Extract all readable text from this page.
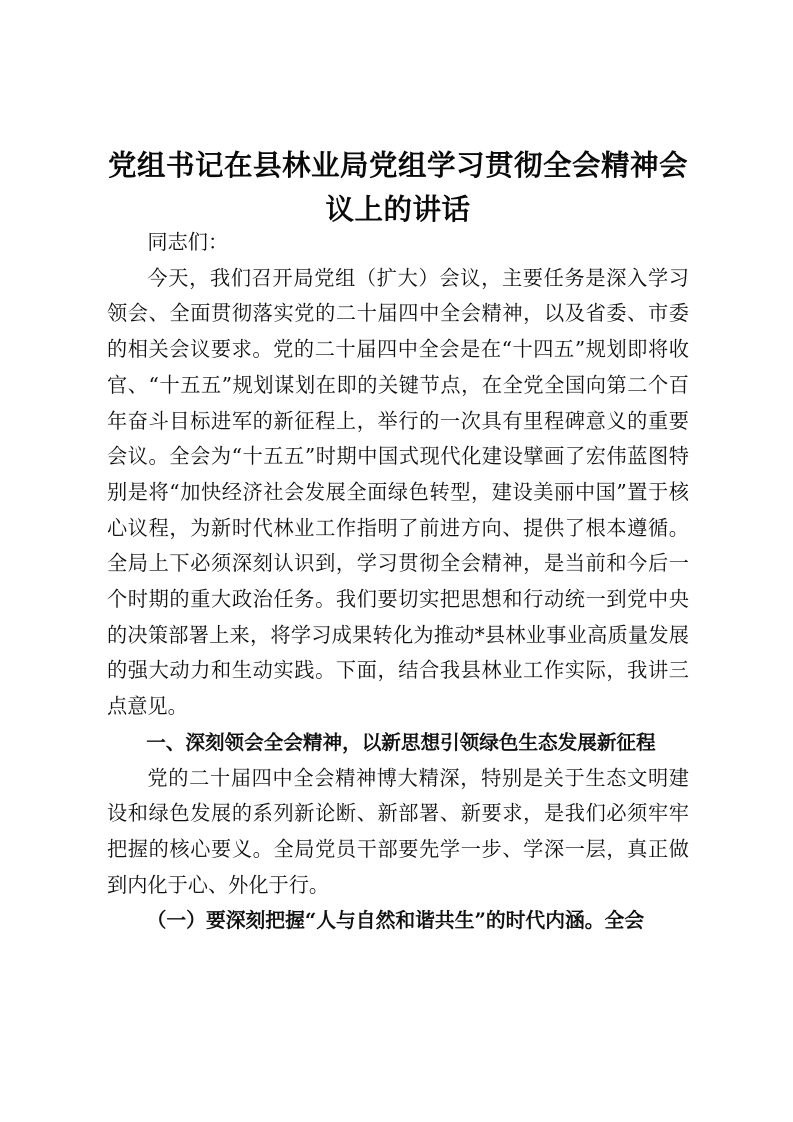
党组书记在县林业局党组学习贯彻全会精神会议上的讲话

同志们：

今天，我们召开局党组（扩大）会议，主要任务是深入学习领会、全面贯彻落实党的二十届四中全会精神，以及省委、市委的相关会议要求。党的二十届四中全会是在“十四五”规划即将收官、“十五五”规划谋划在即的关键节点，在全党全国向第二个百年奋斗目标进军的新征程上，举行的一次具有里程碑意义的重要会议。全会为“十五五”时期中国式现代化建设擘画了宏伟蓝图特别是将“加快经济社会发展全面绿色转型，建设美丽中国”置于核心议程，为新时代林业工作指明了前进方向、提供了根本遵循。全局上下必须深刻认识到，学习贯彻全会精神，是当前和今后一个时期的重大政治任务。我们要切实把思想和行动统一到党中央的决策部署上来，将学习成果转化为推动*县林业事业高质量发展的强大动力和生动实践。下面，结合我县林业工作实际，我讲三点意见。

一、深刻领会全会精神，以新思想引领绿色生态发展新征程

党的二十届四中全会精神博大精深，特别是关于生态文明建设和绿色发展的系列新论断、新部署、新要求，是我们必须牢牢把握的核心要义。全局党员干部要先学一步、学深一层，真正做到内化于心、外化于行。

（一）要深刻把握“人与自然和谐共生”的时代内涵。全会
